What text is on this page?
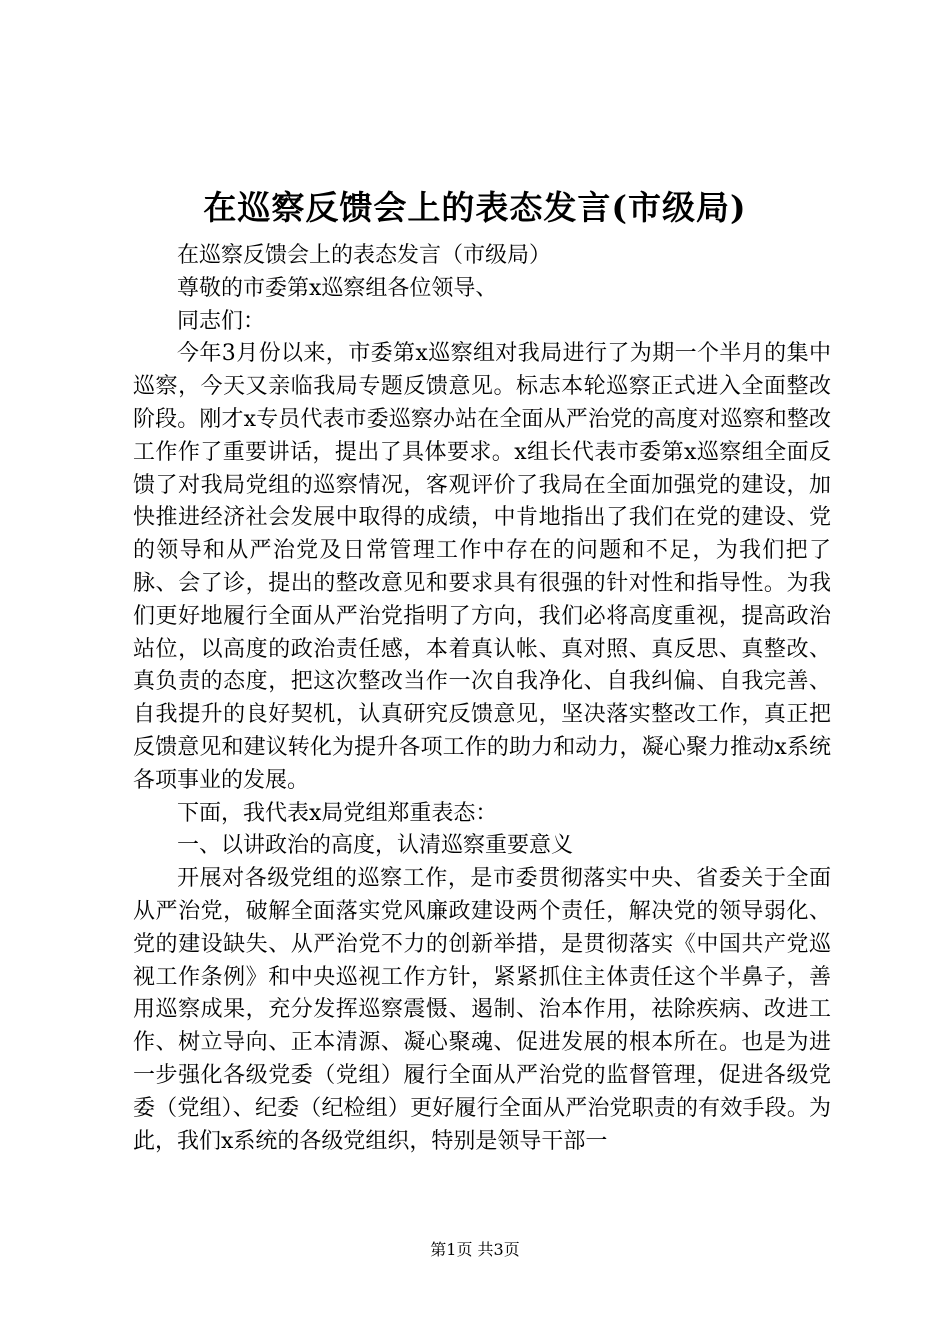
在巡察反馈会上的表态发言(市级局)

在巡察反馈会上的表态发言（市级局）

尊敬的市委第x巡察组各位领导、

同志们：

今年3月份以来，市委第x巡察组对我局进行了为期一个半月的集中巡察，今天又亲临我局专题反馈意见。标志本轮巡察正式进入全面整改阶段。刚才x专员代表市委巡察办站在全面从严治党的高度对巡察和整改工作作了重要讲话，提出了具体要求。x组长代表市委第x巡察组全面反馈了对我局党组的巡察情况，客观评价了我局在全面加强党的建设，加快推进经济社会发展中取得的成绩，中肯地指出了我们在党的建设、党的领导和从严治党及日常管理工作中存在的问题和不足，为我们把了脉、会了诊，提出的整改意见和要求具有很强的针对性和指导性。为我们更好地履行全面从严治党指明了方向，我们必将高度重视，提高政治站位，以高度的政治责任感，本着真认帐、真对照、真反思、真整改、真负责的态度，把这次整改当作一次自我净化、自我纠偏、自我完善、自我提升的良好契机，认真研究反馈意见，坚决落实整改工作，真正把反馈意见和建议转化为提升各项工作的助力和动力，凝心聚力推动x系统各项事业的发展。

下面，我代表x局党组郑重表态：

一、以讲政治的高度，认清巡察重要意义

开展对各级党组的巡察工作，是市委贯彻落实中央、省委关于全面从严治党，破解全面落实党风廉政建设两个责任，解决党的领导弱化、党的建设缺失、从严治党不力的创新举措，是贯彻落实《中国共产党巡视工作条例》和中央巡视工作方针，紧紧抓住主体责任这个半鼻子，善用巡察成果，充分发挥巡察震慑、遏制、治本作用，祛除疾病、改进工作、树立导向、正本清源、凝心聚魂、促进发展的根本所在。也是为进一步强化各级党委（党组）履行全面从严治党的监督管理，促进各级党委（党组）、纪委（纪检组）更好履行全面从严治党职责的有效手段。为此，我们x系统的各级党组织，特别是领导干部一

第1页 共3页
